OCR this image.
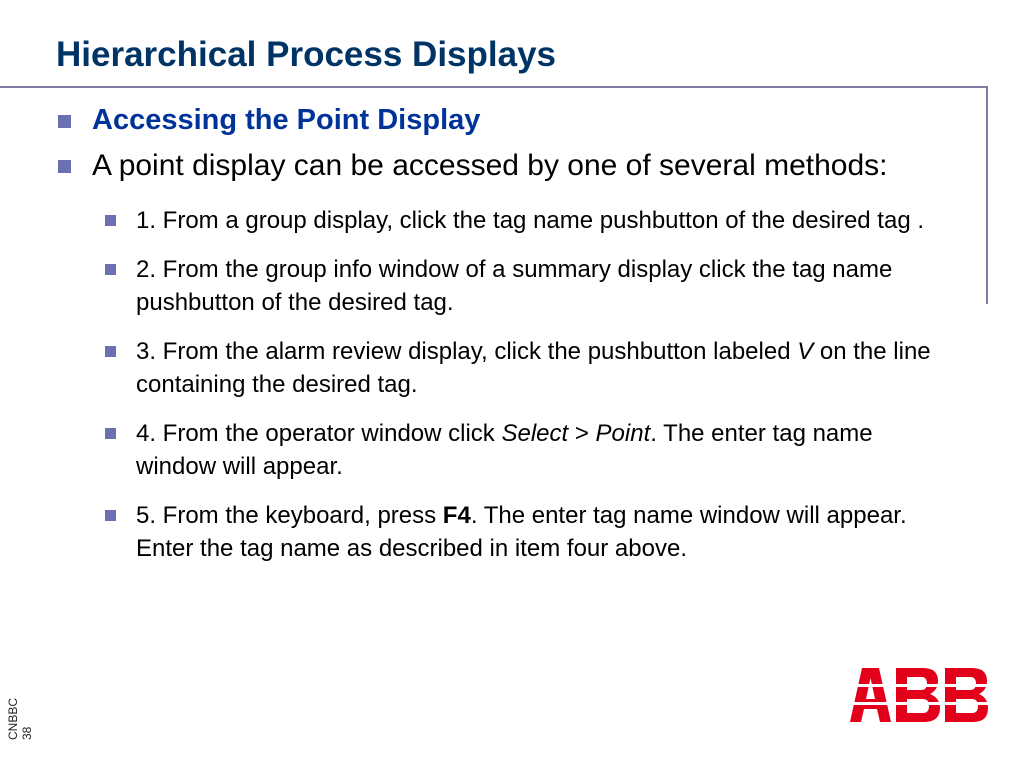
Hierarchical Process Displays
Accessing the Point Display
A point display can be accessed by one of several methods:
1. From a group display, click the tag name pushbutton of the desired tag .
2. From the group info window of a summary display click the tag name pushbutton of the desired tag.
3. From the alarm review display, click the pushbutton labeled V on the line containing the desired tag.
4. From the operator window click Select > Point. The enter tag name window will appear.
5. From the keyboard, press F4. The enter tag name window will appear. Enter the tag name as described in item four above.
CNBBC 38
